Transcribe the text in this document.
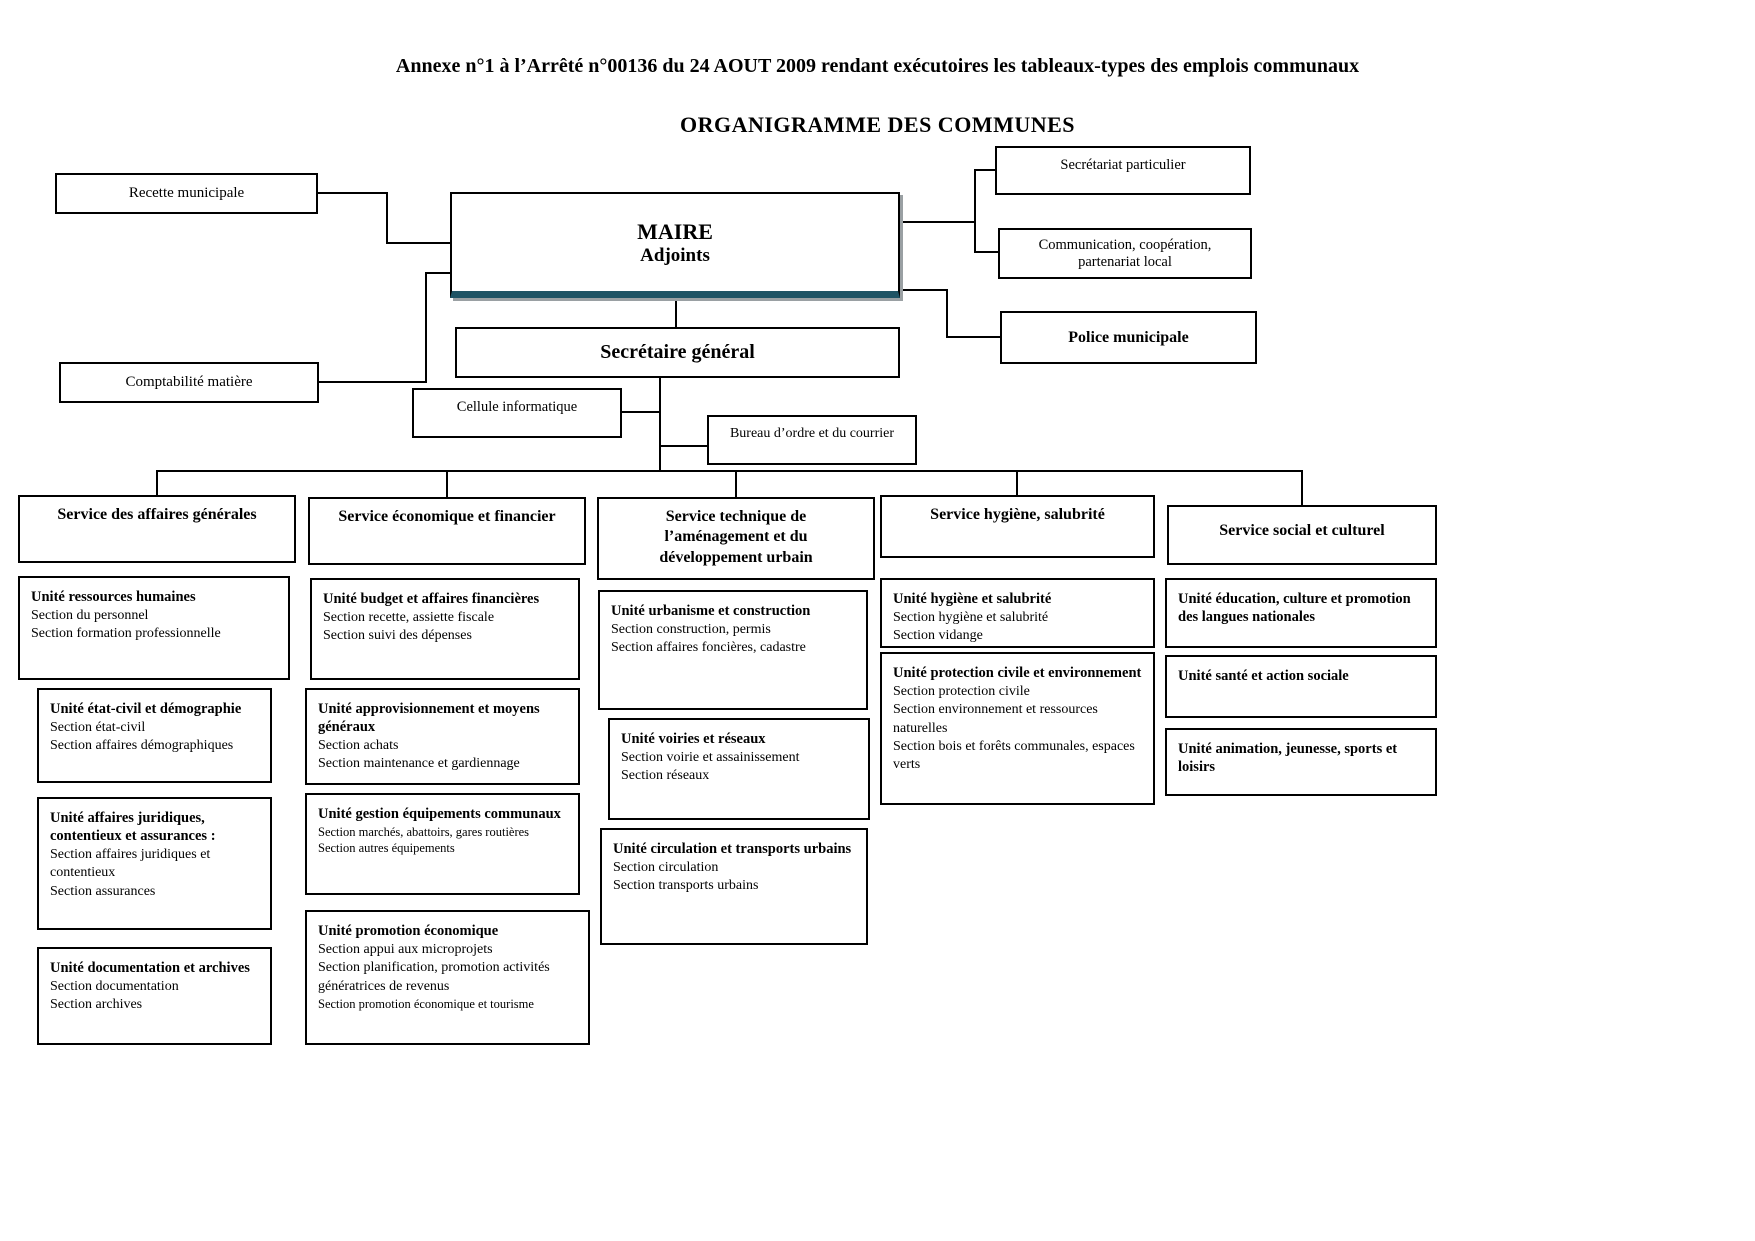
Annexe n°1 à l’Arrêté n°00136 du 24 AOUT 2009 rendant exécutoires les tableaux-types des emplois communaux
ORGANIGRAMME DES COMMUNES
Recette municipale
Comptabilité matière
MAIRE
Adjoints
Secrétariat particulier
Communication, coopération, partenariat local
Police municipale
Secrétaire général
Cellule informatique
Bureau d’ordre et du courrier
Service des affaires générales	Service économique et financier	Service technique de l’aménagement et du développement urbain
Service hygiène, salubrité
Service social et culturel
Unité ressources humaines
Section du personnel
Section formation professionnelle
Unité état-civil et démographie
Section état-civil
Section affaires démographiques
Unité affaires juridiques, contentieux et assurances :
Section affaires juridiques et contentieux
Section assurances
Unité documentation et archives
Section documentation
Section archives
Unité budget et affaires financières
Section recette, assiette fiscale
Section suivi des dépenses
Unité approvisionnement et moyens généraux
Section achats
Section maintenance et gardiennage
Unité gestion équipements communaux
Section marchés, abattoirs, gares routières
Section autres équipements
Unité promotion économique
Section appui aux microprojets
Section planification, promotion activités génératrices de revenus
Section promotion économique et tourisme
Unité urbanisme et construction
Section construction, permis
Section affaires foncières, cadastre
Unité voiries et réseaux
Section voirie et assainissement
Section réseaux
Unité circulation et transports urbains
Section circulation
Section transports urbains
Unité hygiène et salubrité
Section hygiène et salubrité
Section vidange
Unité protection civile et environnement
Section protection civile
Section environnement et ressources naturelles
Section bois et forêts communales, espaces verts
Unité éducation, culture et promotion des langues nationales
Unité santé et action sociale
Unité animation, jeunesse, sports et loisirs
